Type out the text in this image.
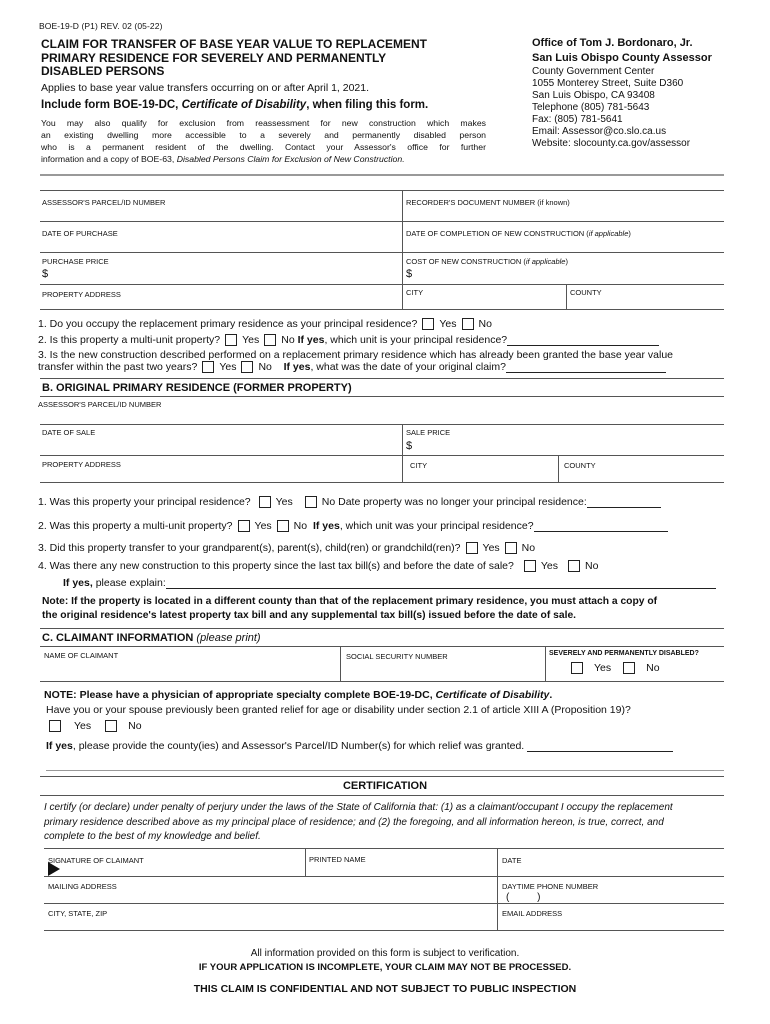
BOE-19-D (P1) REV. 02 (05-22)
CLAIM FOR TRANSFER OF BASE YEAR VALUE TO REPLACEMENT
PRIMARY RESIDENCE FOR SEVERELY AND PERMANENTLY
DISABLED PERSONS
Applies to base year value transfers occurring on or after April 1, 2021.
Include form BOE-19-DC, Certificate of Disability, when filing this form.
You may also qualify for exclusion from reassessment for new construction which makes
an existing dwelling more accessible to a severely and permanently disabled person
who is a permanent resident of the dwelling. Contact your Assessor's office for further
information and a copy of BOE-63, Disabled Persons Claim for Exclusion of New Construction.
Office of Tom J. Bordonaro, Jr.
San Luis Obispo County Assessor
County Government Center
1055 Monterey Street, Suite D360
San Luis Obispo, CA 93408
Telephone (805) 781-5643
Fax: (805) 781-5641
Email: Assessor@co.slo.ca.us
Website: slocounty.ca.gov/assessor
ASSESSOR'S PARCEL/ID NUMBER	RECORDER'S DOCUMENT NUMBER (if known)
DATE OF PURCHASE	DATE OF COMPLETION OF NEW CONSTRUCTION (if applicable)
PURCHASE PRICE	COST OF NEW CONSTRUCTION (if applicable)
$	$
PROPERTY ADDRESS	CITY	COUNTY
1. Do you occupy the replacement primary residence as your principal residence? Yes No
2. Is this property a multi-unit property? Yes No If yes, which unit is your principal residence?
3. Is the new construction described performed on a replacement primary residence which has already been granted the base year value
transfer within the past two years? Yes No If yes, what was the date of your original claim?
B. ORIGINAL PRIMARY RESIDENCE (FORMER PROPERTY)
ASSESSOR'S PARCEL/ID NUMBER
DATE OF SALE	SALE PRICE
$
PROPERTY ADDRESS	CITY	COUNTY
1. Was this property your principal residence? Yes	No Date property was no longer your principal residence:
2. Was this property a multi-unit property? Yes No If yes, which unit was your principal residence?
3. Did this property transfer to your grandparent(s), parent(s), child(ren) or grandchild(ren)? Yes No
4. Was there any new construction to this property since the last tax bill(s) and before the date of sale?	Yes	No
If yes, please explain:
Note: If the property is located in a different county than that of the replacement primary residence, you must attach a copy of
the original residence's latest property tax bill and any supplemental tax bill(s) issued before the date of sale.
C. CLAIMANT INFORMATION (please print)
NAME OF CLAIMANT	SOCIAL SECURITY NUMBER	SEVERELY AND PERMANENTLY DISABLED?
Yes	No
NOTE: Please have a physician of appropriate specialty complete BOE-19-DC, Certificate of Disability.
Have you or your spouse previously been granted relief for age or disability under section 2.1 of article XIII A (Proposition 19)?
Yes	No
If yes, please provide the county(ies) and Assessor's Parcel/ID Number(s) for which relief was granted.
CERTIFICATION
I certify (or declare) under penalty of perjury under the laws of the State of California that: (1) as a claimant/occupant I occupy the replacement
primary residence described above as my principal place of residence; and (2) the foregoing, and all information hereon, is true, correct, and
complete to the best of my knowledge and belief.
SIGNATURE OF CLAIMANT	PRINTED NAME	DATE
MAILING ADDRESS	DAYTIME PHONE NUMBER
(          )
CITY, STATE, ZIP	EMAIL ADDRESS
All information provided on this form is subject to verification.
IF YOUR APPLICATION IS INCOMPLETE, YOUR CLAIM MAY NOT BE PROCESSED.
THIS CLAIM IS CONFIDENTIAL AND NOT SUBJECT TO PUBLIC INSPECTION
